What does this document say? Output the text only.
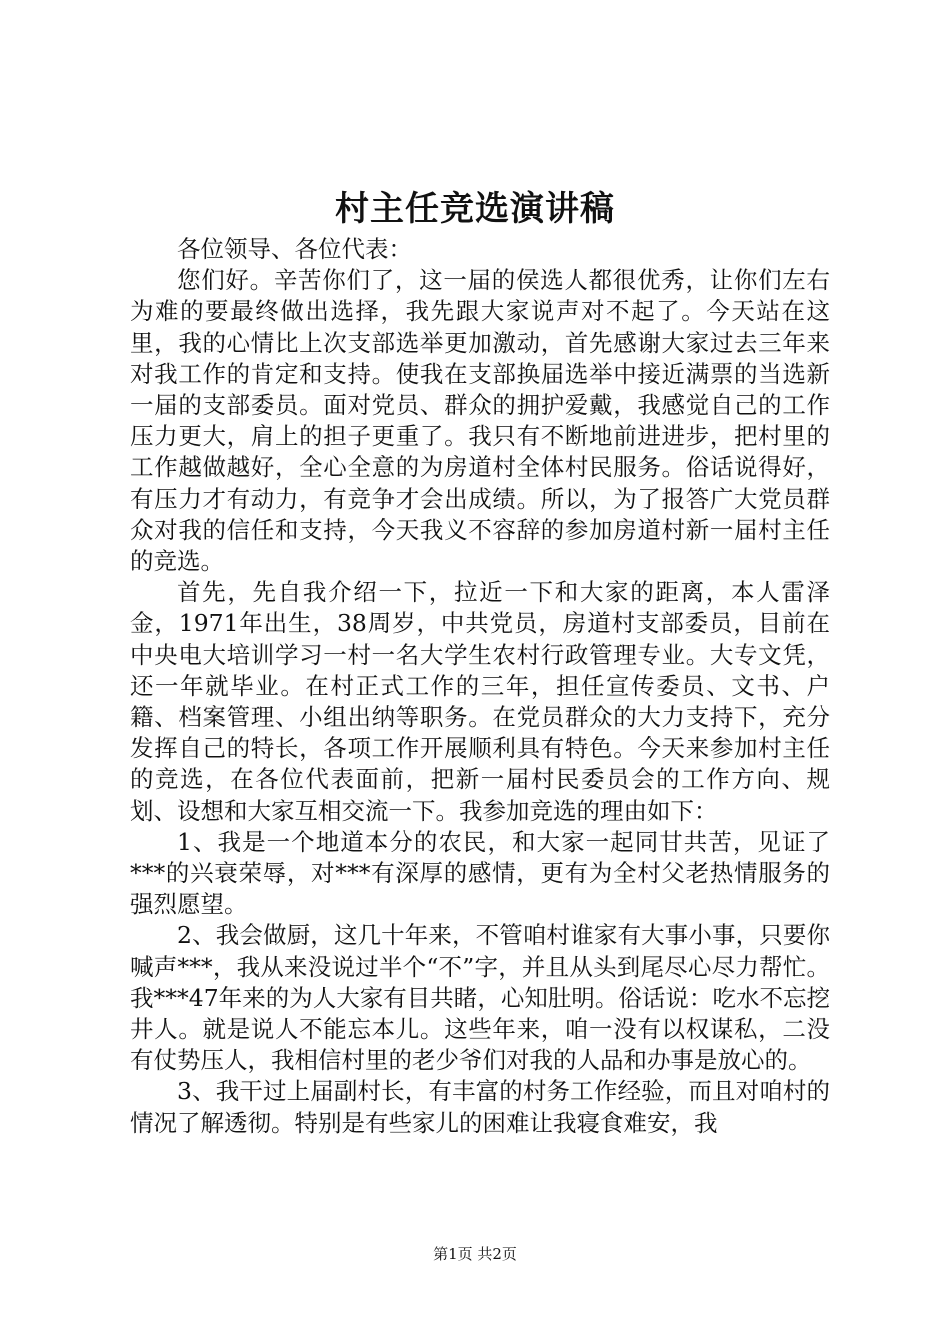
村主任竞选演讲稿

各位领导、各位代表：

您们好。辛苦你们了，这一届的侯选人都很优秀，让你们左右为难的要最终做出选择，我先跟大家说声对不起了。今天站在这里，我的心情比上次支部选举更加激动，首先感谢大家过去三年来对我工作的肯定和支持。使我在支部换届选举中接近满票的当选新一届的支部委员。面对党员、群众的拥护爱戴，我感觉自己的工作压力更大，肩上的担子更重了。我只有不断地前进进步，把村里的工作越做越好，全心全意的为房道村全体村民服务。俗话说得好，有压力才有动力，有竞争才会出成绩。所以，为了报答广大党员群众对我的信任和支持，今天我义不容辞的参加房道村新一届村主任的竞选。

首先，先自我介绍一下，拉近一下和大家的距离，本人雷泽金，1971年出生，38周岁，中共党员，房道村支部委员，目前在中央电大培训学习一村一名大学生农村行政管理专业。大专文凭，还一年就毕业。在村正式工作的三年，担任宣传委员、文书、户籍、档案管理、小组出纳等职务。在党员群众的大力支持下，充分发挥自己的特长，各项工作开展顺利具有特色。今天来参加村主任的竞选，在各位代表面前，把新一届村民委员会的工作方向、规划、设想和大家互相交流一下。我参加竞选的理由如下：

1、我是一个地道本分的农民，和大家一起同甘共苦，见证了***的兴衰荣辱，对***有深厚的感情，更有为全村父老热情服务的强烈愿望。

2、我会做厨，这几十年来，不管咱村谁家有大事小事，只要你喊声***，我从来没说过半个“不”字，并且从头到尾尽心尽力帮忙。我***47年来的为人大家有目共睹，心知肚明。俗话说：吃水不忘挖井人。就是说人不能忘本儿。这些年来，咱一没有以权谋私，二没有仗势压人，我相信村里的老少爷们对我的人品和办事是放心的。

3、我干过上届副村长，有丰富的村务工作经验，而且对咱村的情况了解透彻。特别是有些家儿的困难让我寝食难安，我

第1页 共2页
